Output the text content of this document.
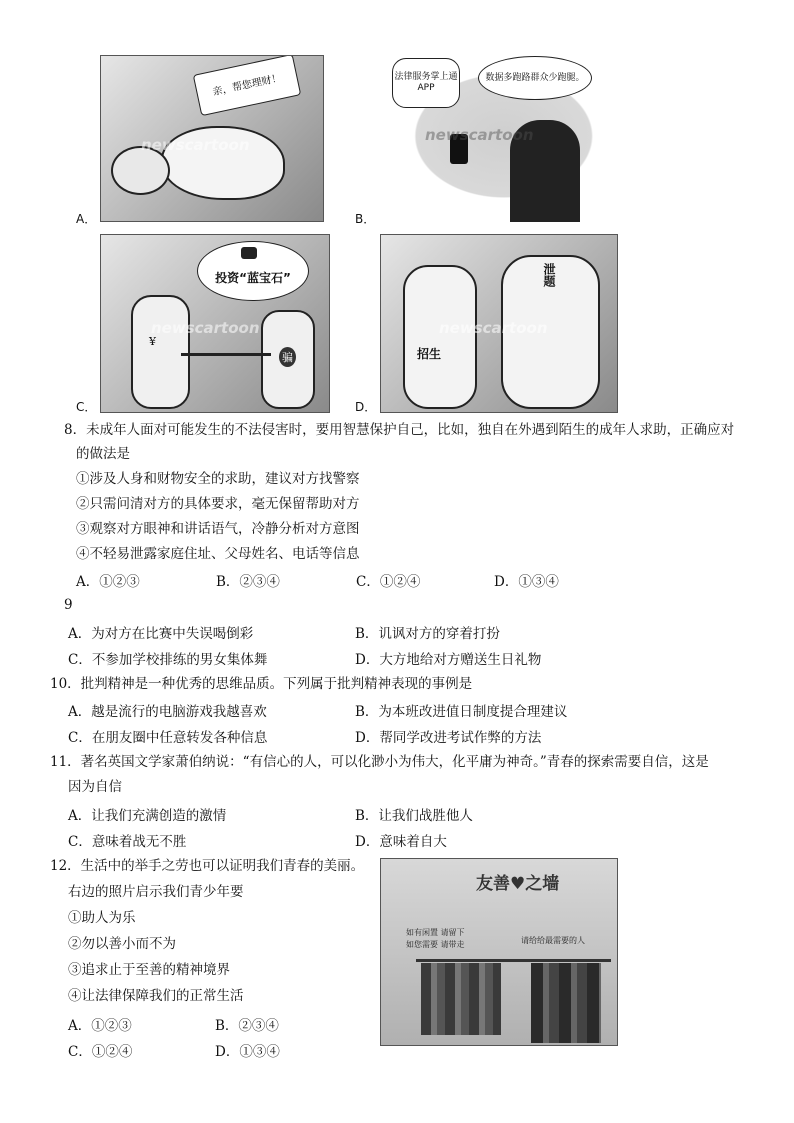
亲，
帮您理财！
newscartoon
A．
法律服务掌上通APP
数据多跑路群众少跑腿。
newscartoon
B．
投资“蓝宝石”
¥
骗
newscartoon
C．
招生
泄题
newscartoon
D．
8．未成年人面对可能发生的不法侵害时，要用智慧保护自己，比如，独自在外遇到陌生的成年人求助，正确应对
的做法是
①涉及人身和财物安全的求助，建议对方找警察
②只需问清对方的具体要求，毫无保留帮助对方
③观察对方眼神和讲话语气，冷静分析对方意图
④不轻易泄露家庭住址、父母姓名、电话等信息
A．①②③	B．②③④	C．①②④	D．①③④
9
A．为对方在比赛中失误喝倒彩	B．讥讽对方的穿着打扮
C．不参加学校排练的男女集体舞	D．大方地给对方赠送生日礼物
10．批判精神是一种优秀的思维品质。下列属于批判精神表现的事例是
A．越是流行的电脑游戏我越喜欢	B．为本班改进值日制度提合理建议
C．在朋友圈中任意转发各种信息	D．帮同学改进考试作弊的方法
11．著名英国文学家萧伯纳说：“有信心的人，可以化渺小为伟大，化平庸为神奇。”青春的探索需要自信，这是
因为自信
A．让我们充满创造的激情	B．让我们战胜他人
C．意味着战无不胜	D．意味着自大
12．生活中的举手之劳也可以证明我们青春的美丽。
右边的照片启示我们青少年要
①助人为乐
②勿以善小而不为
③追求止于至善的精神境界
④让法律保障我们的正常生活
A．①②③	B．②③④
C．①②④	D．①③④
友善♥之墙
如有闲置 请留下
如您需要 请带走	请给给最需要的人
